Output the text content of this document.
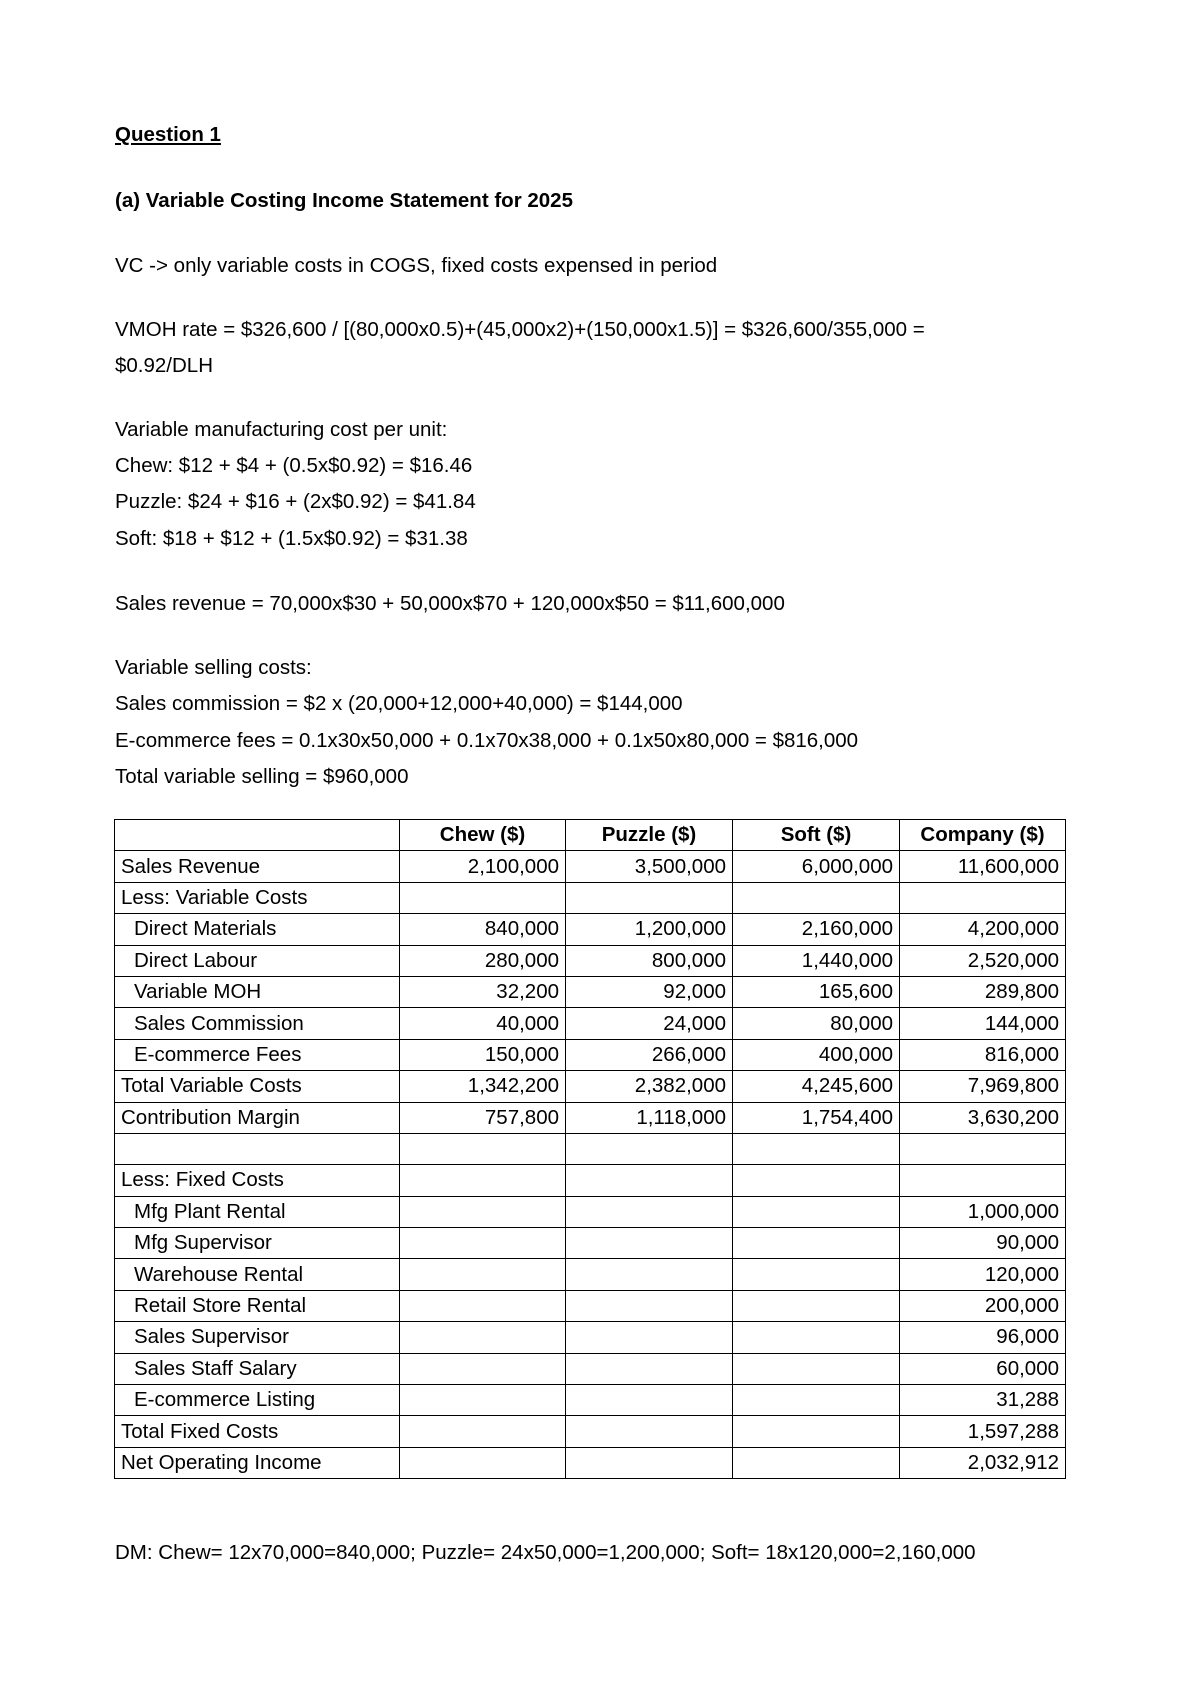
Question 1
(a) Variable Costing Income Statement for 2025
VC -> only variable costs in COGS, fixed costs expensed in period
VMOH rate = $326,600 / [(80,000x0.5)+(45,000x2)+(150,000x1.5)] = $326,600/355,000 =
$0.92/DLH
Variable manufacturing cost per unit:
Chew: $12 + $4 + (0.5x$0.92) = $16.46
Puzzle: $24 + $16 + (2x$0.92) = $41.84
Soft: $18 + $12 + (1.5x$0.92) = $31.38
Sales revenue = 70,000x$30 + 50,000x$70 + 120,000x$50 = $11,600,000
Variable selling costs:
Sales commission = $2 x (20,000+12,000+40,000) = $144,000
E-commerce fees = 0.1x30x50,000 + 0.1x70x38,000 + 0.1x50x80,000 = $816,000
Total variable selling = $960,000
	Chew ($)	Puzzle ($)	Soft ($)	Company ($)
Sales Revenue	2,100,000	3,500,000	6,000,000	11,600,000
Less: Variable Costs				
Direct Materials	840,000	1,200,000	2,160,000	4,200,000
Direct Labour	280,000	800,000	1,440,000	2,520,000
Variable MOH	32,200	92,000	165,600	289,800
Sales Commission	40,000	24,000	80,000	144,000
E-commerce Fees	150,000	266,000	400,000	816,000
Total Variable Costs	1,342,200	2,382,000	4,245,600	7,969,800
Contribution Margin	757,800	1,118,000	1,754,400	3,630,200

Less: Fixed Costs				
Mfg Plant Rental				1,000,000
Mfg Supervisor				90,000
Warehouse Rental				120,000
Retail Store Rental				200,000
Sales Supervisor				96,000
Sales Staff Salary				60,000
E-commerce Listing				31,288
Total Fixed Costs				1,597,288
Net Operating Income				2,032,912
DM: Chew= 12x70,000=840,000; Puzzle= 24x50,000=1,200,000; Soft= 18x120,000=2,160,000
